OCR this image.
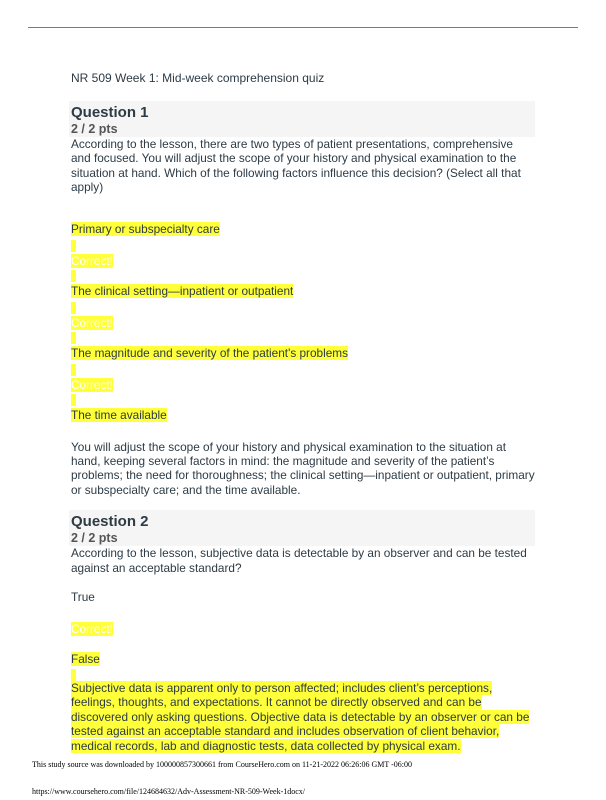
NR 509 Week 1: Mid-week comprehension quiz

Question 1
2 / 2 pts

According to the lesson, there are two types of patient presentations, comprehensive and focused. You will adjust the scope of your history and physical examination to the situation at hand. Which of the following factors influence this decision? (Select all that apply)

Primary or subspecialty care
Correct!
The clinical setting—inpatient or outpatient
Correct!
The magnitude and severity of the patient's problems
Correct!
The time available

You will adjust the scope of your history and physical examination to the situation at hand, keeping several factors in mind: the magnitude and severity of the patient’s problems; the need for thoroughness; the clinical setting—inpatient or outpatient, primary or subspecialty care; and the time available.

Question 2
2 / 2 pts

According to the lesson, subjective data is detectable by an observer and can be tested against an acceptable standard?

True
Correct!
False

Subjective data is apparent only to person affected; includes client’s perceptions, feelings, thoughts, and expectations. It cannot be directly observed and can be discovered only asking questions. Objective data is detectable by an observer or can be tested against an acceptable standard and includes observation of client behavior, medical records, lab and diagnostic tests, data collected by physical exam.

This study source was downloaded by 100000857300661 from CourseHero.com on 11-21-2022 06:26:06 GMT -06:00
https://www.coursehero.com/file/124684632/Adv-Assessment-NR-509-Week-1docx/
